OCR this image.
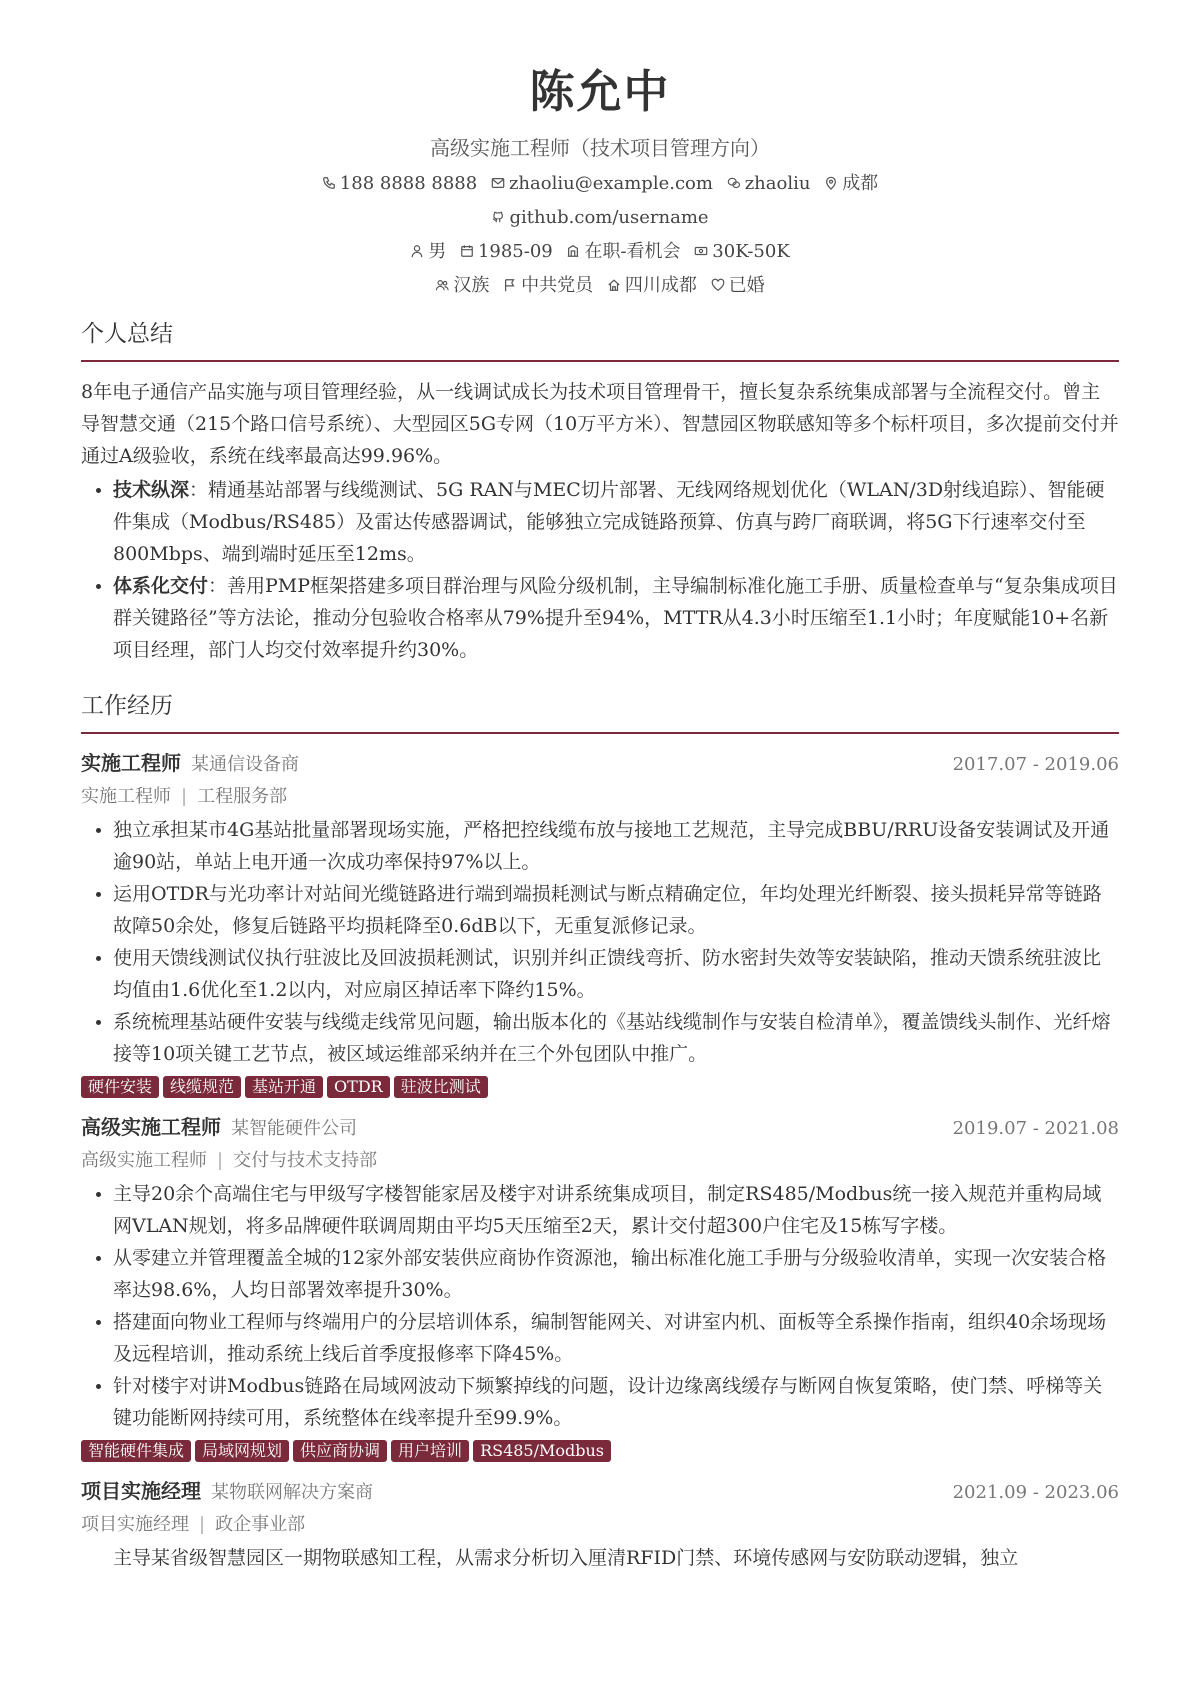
陈允中
高级实施工程师（技术项目管理方向）
188 8888 8888 zhaoliu@example.com zhaoliu 成都
github.com/username
男 1985-09 在职-看机会 30K-50K
汉族 中共党员 四川成都 已婚
个人总结
8年电子通信产品实施与项目管理经验，从一线调试成长为技术项目管理骨干，擅长复杂系统集成部署与全流程交付。曾主导智慧交通（215个路口信号系统）、大型园区5G专网（10万平方米）、智慧园区物联感知等多个标杆项目，多次提前交付并通过A级验收，系统在线率最高达99.96%。
• 技术纵深：精通基站部署与线缆测试、5G RAN与MEC切片部署、无线网络规划优化（WLAN/3D射线追踪）、智能硬件集成（Modbus/RS485）及雷达传感器调试，能够独立完成链路预算、仿真与跨厂商联调，将5G下行速率交付至800Mbps、端到端时延压至12ms。
• 体系化交付：善用PMP框架搭建多项目群治理与风险分级机制，主导编制标准化施工手册、质量检查单与“复杂集成项目群关键路径”等方法论，推动分包验收合格率从79%提升至94%，MTTR从4.3小时压缩至1.1小时；年度赋能10+名新项目经理，部门人均交付效率提升约30%。
工作经历
实施工程师 某通信设备商	2017.07 - 2019.06
实施工程师 | 工程服务部
• 独立承担某市4G基站批量部署现场实施，严格把控线缆布放与接地工艺规范，主导完成BBU/RRU设备安装调试及开通逾90站，单站上电开通一次成功率保持97%以上。
• 运用OTDR与光功率计对站间光缆链路进行端到端损耗测试与断点精确定位，年均处理光纤断裂、接头损耗异常等链路故障50余处，修复后链路平均损耗降至0.6dB以下，无重复派修记录。
• 使用天馈线测试仪执行驻波比及回波损耗测试，识别并纠正馈线弯折、防水密封失效等安装缺陷，推动天馈系统驻波比均值由1.6优化至1.2以内，对应扇区掉话率下降约15%。
• 系统梳理基站硬件安装与线缆走线常见问题，输出版本化的《基站线缆制作与安装自检清单》，覆盖馈线头制作、光纤熔接等10项关键工艺节点，被区域运维部采纳并在三个外包团队中推广。
硬件安装 线缆规范 基站开通 OTDR 驻波比测试
高级实施工程师 某智能硬件公司	2019.07 - 2021.08
高级实施工程师 | 交付与技术支持部
• 主导20余个高端住宅与甲级写字楼智能家居及楼宇对讲系统集成项目，制定RS485/Modbus统一接入规范并重构局域网VLAN规划，将多品牌硬件联调周期由平均5天压缩至2天，累计交付超300户住宅及15栋写字楼。
• 从零建立并管理覆盖全城的12家外部安装供应商协作资源池，输出标准化施工手册与分级验收清单，实现一次安装合格率达98.6%，人均日部署效率提升30%。
• 搭建面向物业工程师与终端用户的分层培训体系，编制智能网关、对讲室内机、面板等全系操作指南，组织40余场现场及远程培训，推动系统上线后首季度报修率下降45%。
• 针对楼宇对讲Modbus链路在局域网波动下频繁掉线的问题，设计边缘离线缓存与断网自恢复策略，使门禁、呼梯等关键功能断网持续可用，系统整体在线率提升至99.9%。
智能硬件集成 局域网规划 供应商协调 用户培训 RS485/Modbus
项目实施经理 某物联网解决方案商	2021.09 - 2023.06
项目实施经理 | 政企事业部
• 主导某省级智慧园区一期物联感知工程，从需求分析切入厘清RFID门禁、环境传感网与安防联动逻辑，独立
